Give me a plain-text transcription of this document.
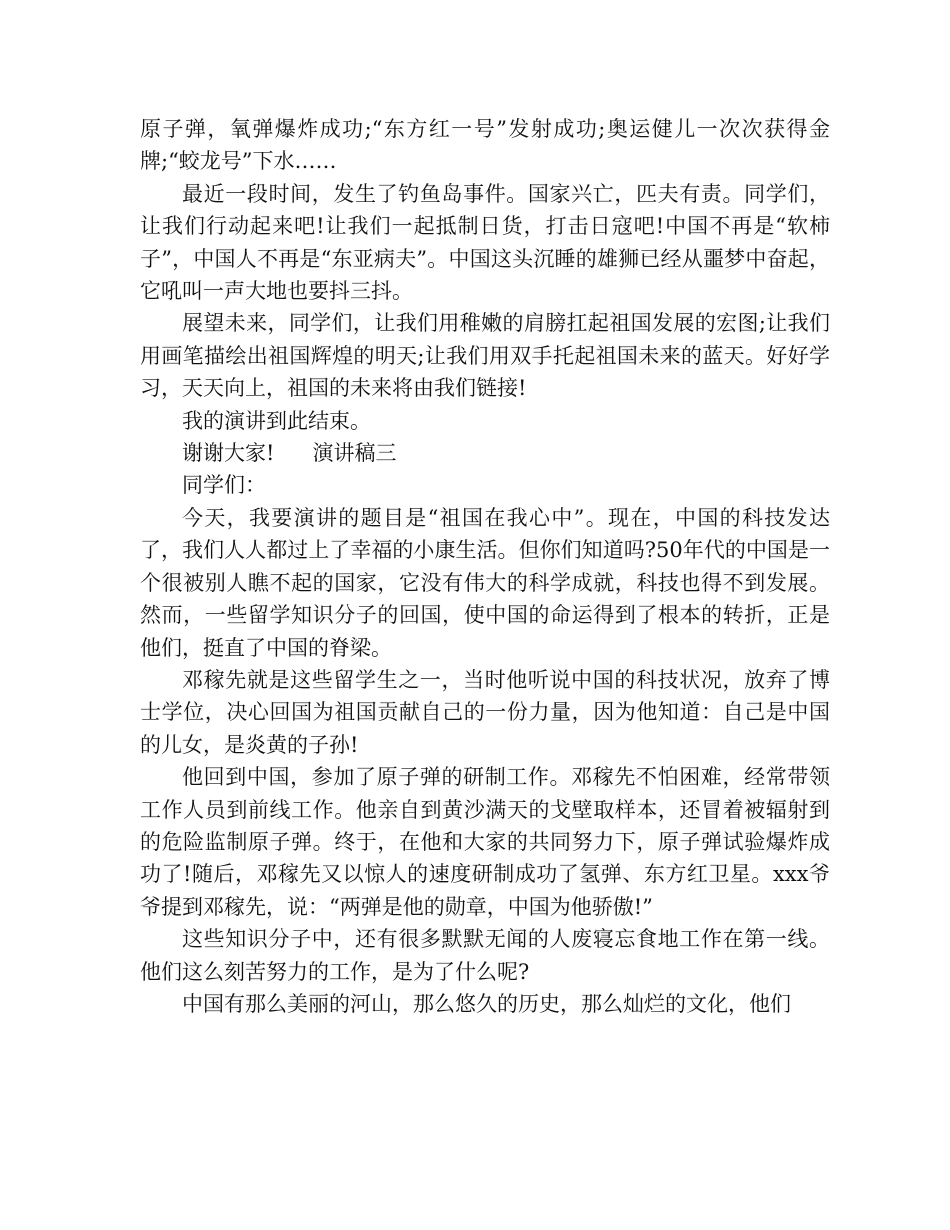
原子弹，氧弹爆炸成功;“东方红一号”发射成功;奥运健儿一次次获得金牌;“蛟龙号”下水……

最近一段时间，发生了钓鱼岛事件。国家兴亡，匹夫有责。同学们，让我们行动起来吧!让我们一起抵制日货，打击日寇吧!中国不再是“软柿子”，中国人不再是“东亚病夫”。中国这头沉睡的雄狮已经从噩梦中奋起，它吼叫一声大地也要抖三抖。

展望未来，同学们，让我们用稚嫩的肩膀扛起祖国发展的宏图;让我们用画笔描绘出祖国辉煌的明天;让我们用双手托起祖国未来的蓝天。好好学习，天天向上，祖国的未来将由我们链接!

我的演讲到此结束。

谢谢大家! 演讲稿三

同学们：

今天，我要演讲的题目是“祖国在我心中”。现在，中国的科技发达了，我们人人都过上了幸福的小康生活。但你们知道吗?50年代的中国是一个很被别人瞧不起的国家，它没有伟大的科学成就，科技也得不到发展。然而，一些留学知识分子的回国，使中国的命运得到了根本的转折，正是他们，挺直了中国的脊梁。

邓稼先就是这些留学生之一，当时他听说中国的科技状况，放弃了博士学位，决心回国为祖国贡献自己的一份力量，因为他知道：自己是中国的儿女，是炎黄的子孙!

他回到中国，参加了原子弹的研制工作。邓稼先不怕困难，经常带领工作人员到前线工作。他亲自到黄沙满天的戈壁取样本，还冒着被辐射到的危险监制原子弹。终于，在他和大家的共同努力下，原子弹试验爆炸成功了!随后，邓稼先又以惊人的速度研制成功了氢弹、东方红卫星。xxx爷爷提到邓稼先，说：“两弹是他的勋章，中国为他骄傲!”

这些知识分子中，还有很多默默无闻的人废寝忘食地工作在第一线。他们这么刻苦努力的工作，是为了什么呢?

中国有那么美丽的河山，那么悠久的历史，那么灿烂的文化，他们
